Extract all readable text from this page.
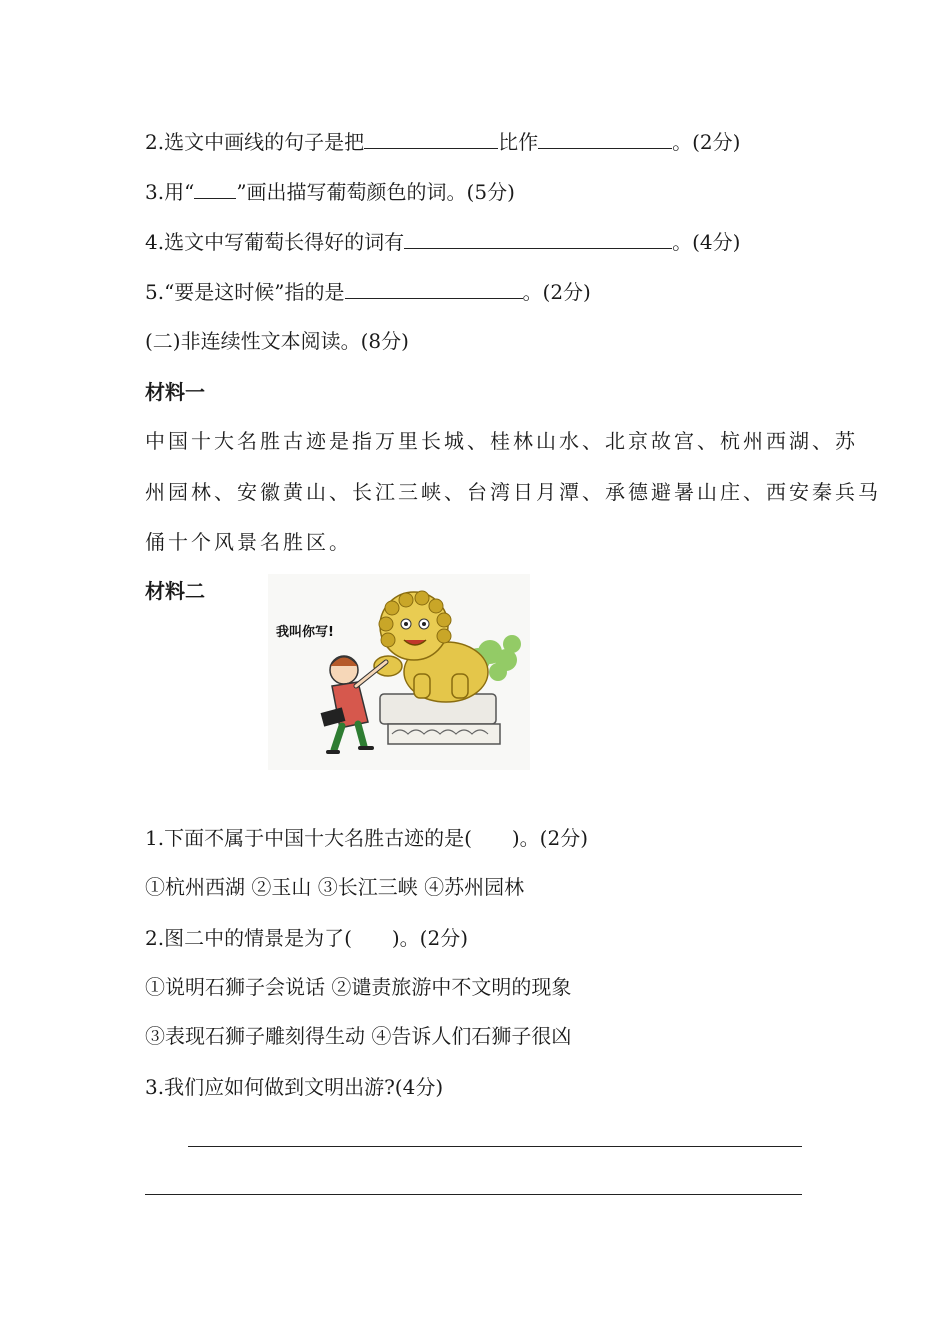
2.选文中画线的句子是把	比作	。(2分)
3.用“ ”画出描写葡萄颜色的词。(5分)
4.选文中写葡萄长得好的词有	。(4分)
5.“要是这时候”指的是	。(2分)
(二)非连续性文本阅读。(8分)
材料一
中国十大名胜古迹是指万里长城、桂林山水、北京故宫、杭州西湖、苏
州园林、安徽黄山、长江三峡、台湾日月潭、承德避暑山庄、西安秦兵马
俑十个风景名胜区。
材料二
我叫你写!
1.下面不属于中国十大名胜古迹的是(　　)。(2分)
①杭州西湖 ②玉山 ③长江三峡 ④苏州园林
2.图二中的情景是为了(　　)。(2分)
①说明石狮子会说话 ②谴责旅游中不文明的现象
③表现石狮子雕刻得生动 ④告诉人们石狮子很凶
3.我们应如何做到文明出游?(4分)
